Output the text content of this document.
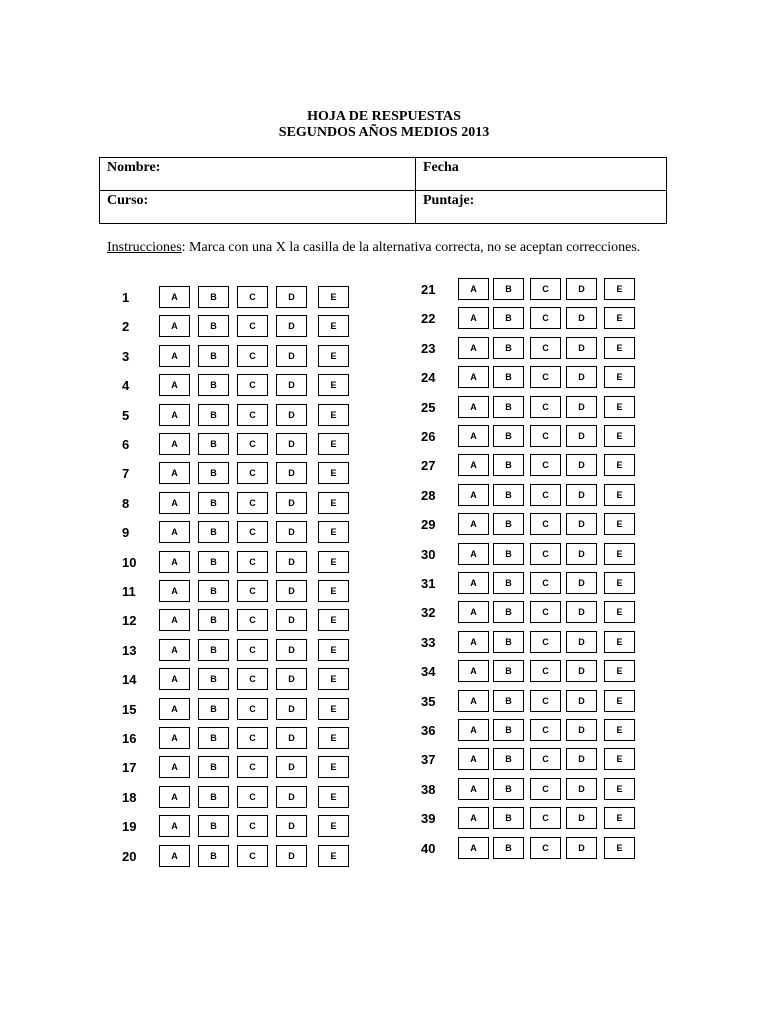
HOJA DE RESPUESTAS
SEGUNDOS AÑOS MEDIOS 2013
Nombre:	Fecha
Curso:	Puntaje:
Instrucciones: Marca con una X la casilla de la alternativa correcta, no se aceptan correcciones.
1	A	B	C	D	E
2	A	B	C	D	E
3	A	B	C	D	E
4	A	B	C	D	E
5	A	B	C	D	E
6	A	B	C	D	E
7	A	B	C	D	E
8	A	B	C	D	E
9	A	B	C	D	E
10	A	B	C	D	E
11	A	B	C	D	E
12	A	B	C	D	E
13	A	B	C	D	E
14	A	B	C	D	E
15	A	B	C	D	E
16	A	B	C	D	E
17	A	B	C	D	E
18	A	B	C	D	E
19	A	B	C	D	E
20	A	B	C	D	E
21	A	B	C	D	E
22	A	B	C	D	E
23	A	B	C	D	E
24	A	B	C	D	E
25	A	B	C	D	E
26	A	B	C	D	E
27	A	B	C	D	E
28	A	B	C	D	E
29	A	B	C	D	E
30	A	B	C	D	E
31	A	B	C	D	E
32	A	B	C	D	E
33	A	B	C	D	E
34	A	B	C	D	E
35	A	B	C	D	E
36	A	B	C	D	E
37	A	B	C	D	E
38	A	B	C	D	E
39	A	B	C	D	E
40	A	B	C	D	E
